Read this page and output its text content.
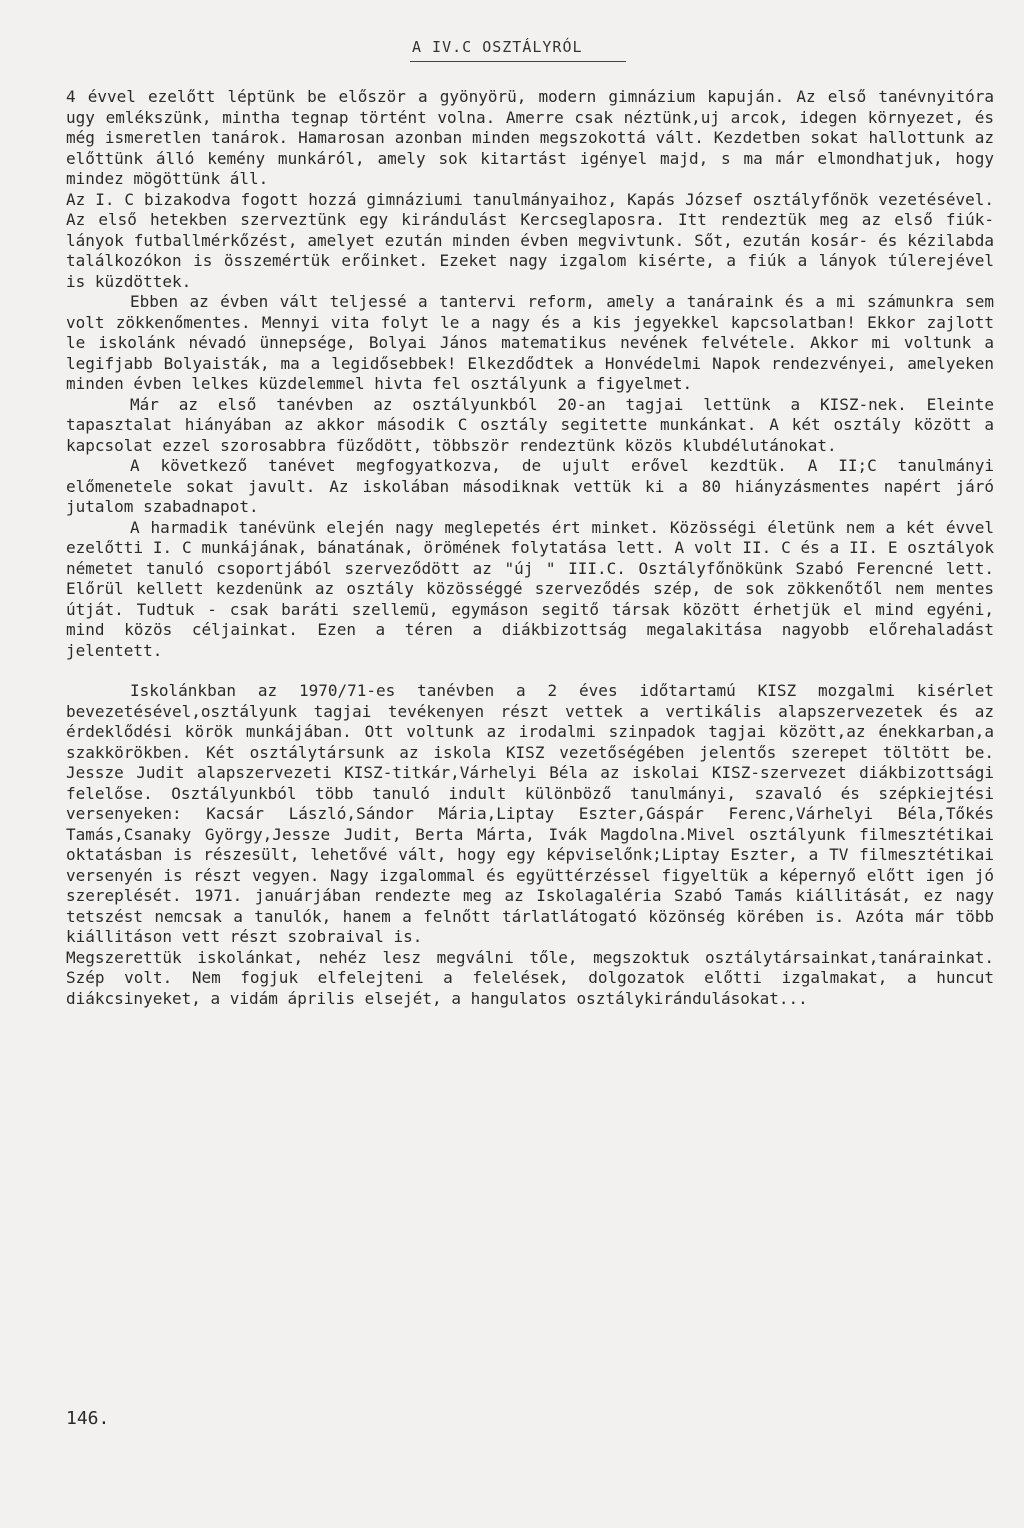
A IV.C OSZTÁLYRÓL

4 évvel ezelőtt léptünk be először a gyönyörü, modern gimnázium kapuján. Az első tanévnyitóra ugy emlékszünk, mintha tegnap történt volna. Amerre csak néztünk,uj arcok, idegen környezet, és még ismeretlen tanárok. Hamarosan azonban minden megszokottá vált. Kezdetben sokat hallottunk az előttünk álló kemény munkáról, amely sok kitartást igényel majd, s ma már elmondhatjuk, hogy mindez mögöttünk áll.

Az I. C bizakodva fogott hozzá gimnáziumi tanulmányaihoz, Kapás József osztályfőnök vezetésével. Az első hetekben szerveztünk egy kirándulást Kercseglaposra. Itt rendeztük meg az első fiúk-lányok futballmérkőzést, amelyet ezután minden évben megvivtunk. Sőt, ezután kosár- és kézilabda találkozókon is összemértük erőinket. Ezeket nagy izgalom kisérte, a fiúk a lányok túlerejével is küzdöttek.

Ebben az évben vált teljessé a tantervi reform, amely a tanáraink és a mi számunkra sem volt zökkenőmentes. Mennyi vita folyt le a nagy és a kis jegyekkel kapcsolatban! Ekkor zajlott le iskolánk névadó ünnepsége, Bolyai János matematikus nevének felvétele. Akkor mi voltunk a legifjabb Bolyaisták, ma a legidősebbek! Elkezdődtek a Honvédelmi Napok rendezvényei, amelyeken minden évben lelkes küzdelemmel hivta fel osztályunk a figyelmet.

Már az első tanévben az osztályunkból 20-an tagjai lettünk a KISZ-nek. Eleinte tapasztalat hiányában az akkor második C osztály segitette munkánkat. A két osztály között a kapcsolat ezzel szorosabbra füződött, többször rendeztünk közös klubdélutánokat.

A következő tanévet megfogyatkozva, de ujult erővel kezdtük. A II;C tanulmányi előmenetele sokat javult. Az iskolában másodiknak vettük ki a 80 hiányzásmentes napért járó jutalom szabadnapot.

A harmadik tanévünk elején nagy meglepetés ért minket. Közösségi életünk nem a két évvel ezelőtti I. C munkájának, bánatának, örömének folytatása lett. A volt II. C és a II. E osztályok németet tanuló csoportjából szerveződött az "új " III.C. Osztályfőnökünk Szabó Ferencné lett. Előrül kellett kezdenünk az osztály közösséggé szerveződés szép, de sok zökkenőtől nem mentes útját. Tudtuk - csak baráti szellemü, egymáson segitő társak között érhetjük el mind egyéni, mind közös céljainkat. Ezen a téren a diákbizottság megalakitása nagyobb előrehaladást jelentett.

Iskolánkban az 1970/71-es tanévben a 2 éves időtartamú KISZ mozgalmi kisérlet bevezetésével,osztályunk tagjai tevékenyen részt vettek a vertikális alapszervezetek és az érdeklődési körök munkájában. Ott voltunk az irodalmi szinpadok tagjai között,az énekkarban,a szakkörökben. Két osztálytársunk az iskola KISZ vezetőségében jelentős szerepet töltött be. Jessze Judit alapszervezeti KISZ-titkár,Várhelyi Béla az iskolai KISZ-szervezet diákbizottsági felelőse. Osztályunkból több tanuló indult különböző tanulmányi, szavaló és szépkiejtési versenyeken: Kacsár László,Sándor Mária,Liptay Eszter,Gáspár Ferenc,Várhelyi Béla,Tőkés Tamás,Csanaky György,Jessze Judit, Berta Márta, Ivák Magdolna.Mivel osztályunk filmesztétikai oktatásban is részesült, lehetővé vált, hogy egy képviselőnk;Liptay Eszter, a TV filmesztétikai versenyén is részt vegyen. Nagy izgalommal és együttérzéssel figyeltük a képernyő előtt igen jó szereplését. 1971. januárjában rendezte meg az Iskolagaléria Szabó Tamás kiállitását, ez nagy tetszést nemcsak a tanulók, hanem a felnőtt tárlatlátogató közönség körében is. Azóta már több kiállitáson vett részt szobraival is.

Megszerettük iskolánkat, nehéz lesz megválni tőle, megszoktuk osztálytársainkat,tanárainkat. Szép volt. Nem fogjuk elfelejteni a felelések, dolgozatok előtti izgalmakat, a huncut diákcsinyeket, a vidám április elsejét, a hangulatos osztálykirándulásokat...

146.
